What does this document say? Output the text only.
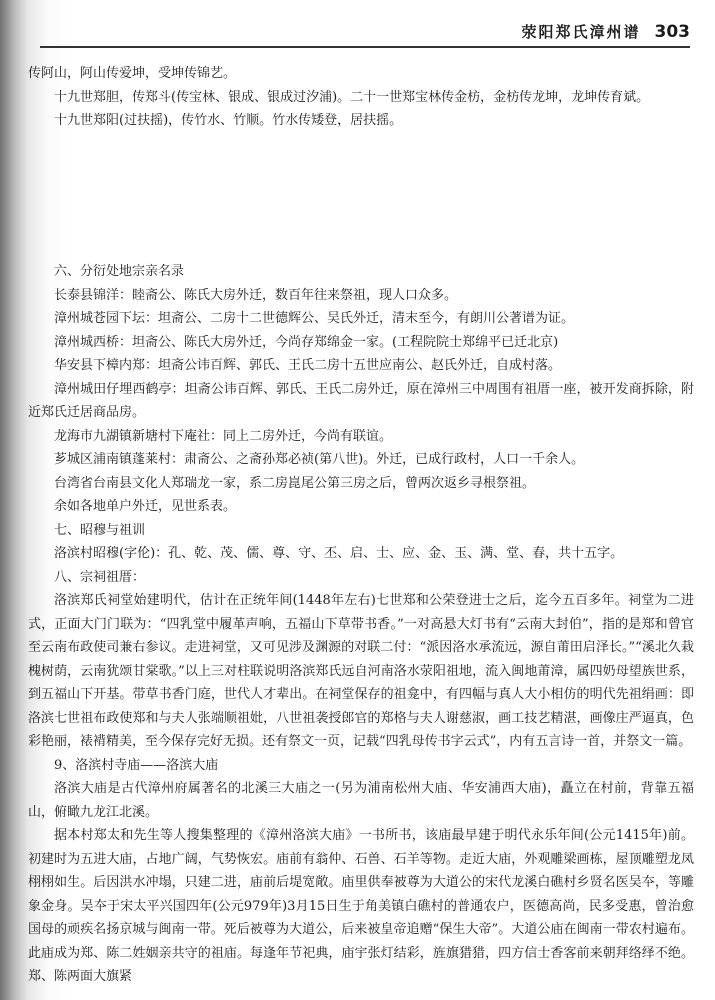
荥阳郑氏漳州谱 303

传阿山，阿山传爱坤，受坤传锦艺。

十九世郑胆，传郑斗(传宝林、银成、银成过汐浦)。二十一世郑宝林传金枋，金枋传龙坤，龙坤传育斌。

十九世郑阳(过扶摇)，传竹水、竹顺。竹水传矮登，居扶摇。

六、分衍处地宗亲名录

长泰县锦洋：睦斋公、陈氏大房外迁，数百年往来祭祖，现人口众多。

漳州城苍园下坛：坦斋公、二房十二世德辉公、吴氏外迁，清末至今，有朗川公著谱为证。

漳州城西桥：坦斋公、陈氏大房外迁，今尚存郑绵金一家。(工程院院士郑绵平已迁北京)

华安县下樟内郑：坦斋公讳百辉、郭氏、王氏二房十五世应南公、赵氏外迁，自成村落。

漳州城田仔埋西鹤亭：坦斋公讳百辉、郭氏、王氏二房外迁，原在漳州三中周围有祖厝一座，被开发商拆除，附近郑氏迁居商品房。

龙海市九湖镇新塘村下庵社：同上二房外迁，今尚有联谊。

芗城区浦南镇蓬莱村：肃斋公、之斋孙郑必祯(第八世)。外迁，已成行政村，人口一千余人。

台湾省台南县文化人郑瑞龙一家，系二房崑尾公第三房之后，曾两次返乡寻根祭祖。

余如各地单户外迁，见世系表。

七、昭穆与祖训

洛滨村昭穆(字伦)：孔、乾、茂、儒、尊、守、丕、启、士、应、金、玉、满、堂、春，共十五字。

八、宗祠祖厝：

洛滨郑氏祠堂始建明代，估计在正统年间(1448年左右)七世郑和公荣登进士之后，迄今五百多年。祠堂为二进式，正面大门门联为：“四乳堂中履革声响，五福山下草带书香。”一对高悬大灯书有“云南大封伯”，指的是郑和曾官至云南布政使司兼右参议。走进祠堂，又可见涉及渊源的对联二付：“派因洛水承流远，源自莆田启泽长。”“溪北久栽槐树荫，云南犹颂甘棠歌。”以上三对柱联说明洛滨郑氏远自河南洛水荥阳祖地，流入闽地莆漳，属四奶母望族世系，到五福山下开基。带草书香门庭，世代人才辈出。在祠堂保存的祖龛中，有四幅与真人大小相仿的明代先祖绢画：即洛滨七世祖布政使郑和与夫人张端顺祖妣，八世祖袭授郎官的郑格与夫人谢慈淑，画工技艺精湛，画像庄严逼真，色彩艳丽，裱褙精美，至今保存完好无损。还有祭文一页，记载“四乳母传书字云式”，内有五言诗一首，并祭文一篇。

9、洛滨村寺庙——洛滨大庙

洛滨大庙是古代漳州府属著名的北溪三大庙之一(另为浦南松州大庙、华安浦西大庙)，矗立在村前，背靠五福山，俯瞰九龙江北溪。

据本村郑太和先生等人搜集整理的《漳州洛滨大庙》一书所书，该庙最早建于明代永乐年间(公元1415年)前。初建时为五进大庙，占地广阔，气势恢宏。庙前有翁仲、石兽、石羊等物。走近大庙，外观雕梁画栋，屋顶雕塑龙凤栩栩如生。后因洪水冲塌，只建二进，庙前后堤宽敞。庙里供奉被尊为大道公的宋代龙溪白礁村乡贤名医吴夲，等雕象金身。吴夲于宋太平兴国四年(公元979年)3月15日生于角美镇白礁村的普通农户，医德高尚，民多受惠，曾治愈国母的顽疾名扬京城与闽南一带。死后被尊为大道公，后来被皇帝追赠“保生大帝”。大道公庙在闽南一带农村遍布。此庙成为郑、陈二姓姻亲共守的祖庙。每逢年节祀典，庙宇张灯结彩，旌旗猎猎，四方信士香客前来朝拜络绎不绝。郑、陈两面大旗紧
